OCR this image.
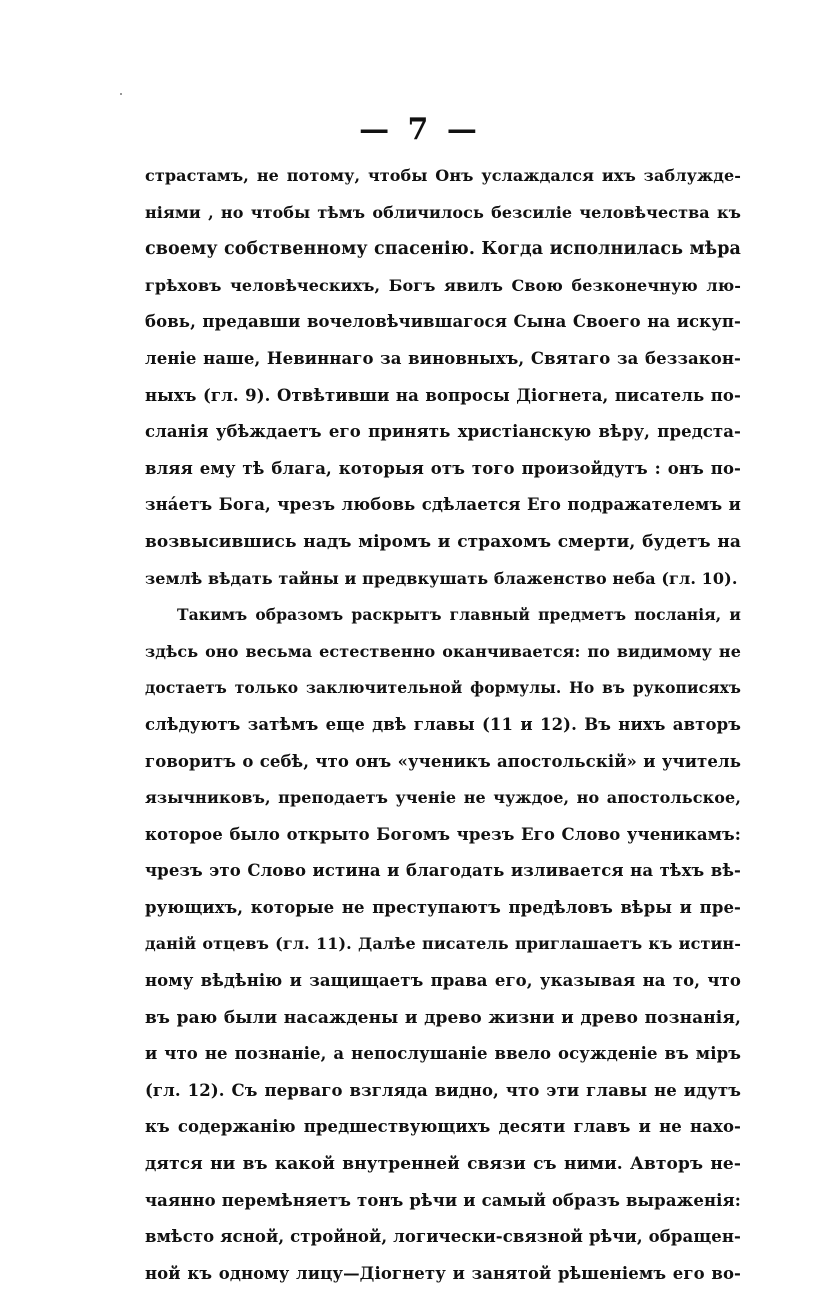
— 7 —
страстамъ, не потому, чтобы Онъ услаждался ихъ заблужде-
ніями , но чтобы тѣмъ обличилось безсиліе человѣчества къ
своему собственному спасенію. Когда исполнилась мѣра
грѣховъ человѣческихъ, Богъ явилъ Свою безконечную лю-
бовь, предавши вочеловѣчившагося Сына Своего на искуп-
леніе наше, Невиннаго за виновныхъ, Святаго за беззакон-
ныхъ (гл. 9). Отвѣтивши на вопросы Діогнета, писатель по-
сланія убѣждаетъ его принять христіанскую вѣру, предста-
вляя ему тѣ блага, которыя отъ того произойдутъ : онъ по-
знáетъ Бога, чрезъ любовь сдѣлается Его подражателемъ и
возвысившись надъ міромъ и страхомъ смерти, будетъ на
землѣ вѣдать тайны и предвкушать блаженство неба (гл. 10).
Такимъ образомъ раскрытъ главный предметъ посланія, и
здѣсь оно весьма естественно оканчивается: по видимому не
достаетъ только заключительной формулы. Но въ рукописяхъ
слѣдуютъ затѣмъ еще двѣ главы (11 и 12). Въ нихъ авторъ
говоритъ о себѣ, что онъ «ученикъ апостольскій» и учитель
язычниковъ, преподаетъ ученіе не чуждое, но апостольское,
которое было открыто Богомъ чрезъ Его Слово ученикамъ:
чрезъ это Слово истина и благодать изливается на тѣхъ вѣ-
рующихъ, которые не преступаютъ предѣловъ вѣры и пре-
даній отцевъ (гл. 11). Далѣе писатель приглашаетъ къ истин-
ному вѣдѣнію и защищаетъ права его, указывая на то, что
въ раю были насаждены и древо жизни и древо познанія,
и что не познаніе, а непослушаніе ввело осужденіе въ міръ
(гл. 12). Съ перваго взгляда видно, что эти главы не идутъ
къ содержанію предшествующихъ десяти главъ и не нахо-
дятся ни въ какой внутренней связи съ ними. Авторъ не-
чаянно перемѣняетъ тонъ рѣчи и самый образъ выраженія:
вмѣсто ясной, стройной, логически-связной рѣчи, обращен-
ной къ одному лицу—Діогнету и занятой рѣшеніемъ его во-
